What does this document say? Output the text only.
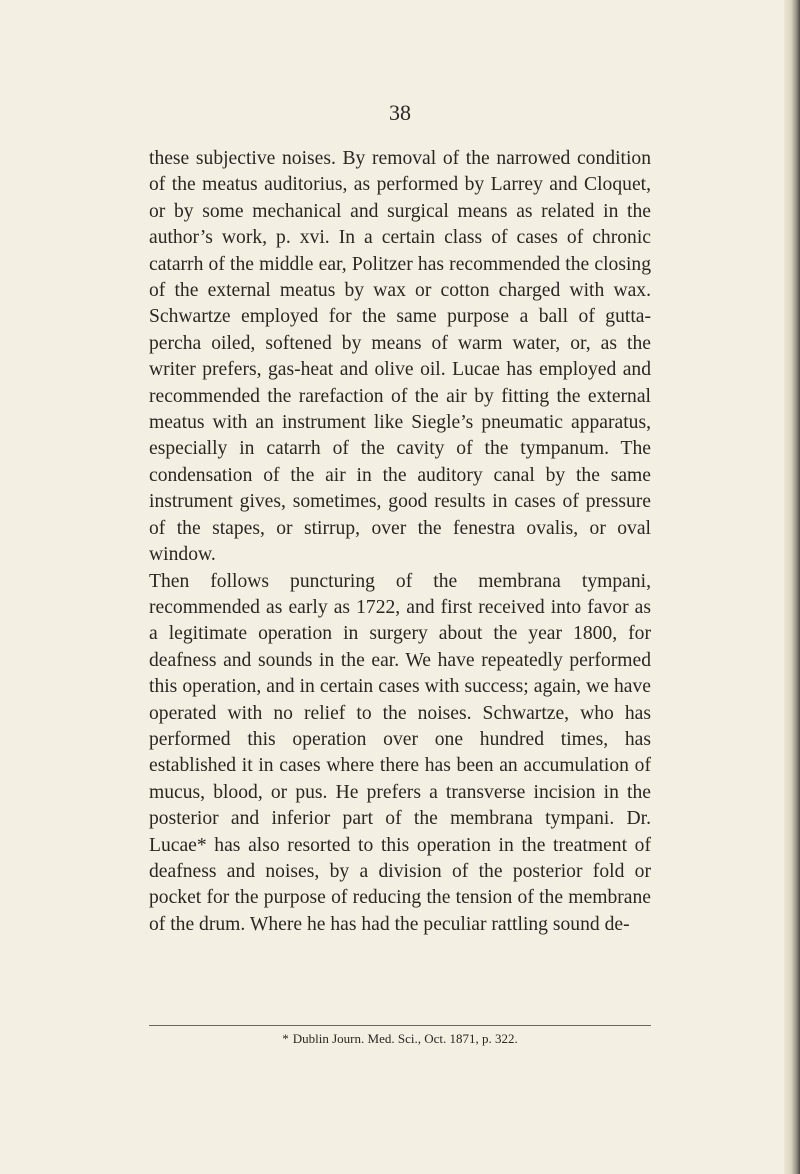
38

these subjective noises. By removal of the narrowed condition of the meatus auditorius, as performed by Larrey and Cloquet, or by some mechanical and surgical means as related in the author’s work, p. xvi. In a certain class of cases of chronic catarrh of the middle ear, Politzer has recommended the closing of the external meatus by wax or cotton charged with wax. Schwartze employed for the same purpose a ball of gutta-percha oiled, softened by means of warm water, or, as the writer prefers, gas-heat and olive oil. Lucae has employed and recommended the rarefaction of the air by fitting the external meatus with an instrument like Siegle’s pneumatic apparatus, especially in catarrh of the cavity of the tympanum. The condensation of the air in the auditory canal by the same instrument gives, sometimes, good results in cases of pressure of the stapes, or stirrup, over the fenestra ovalis, or oval window.

Then follows puncturing of the membrana tympani, recommended as early as 1722, and first received into favor as a legitimate operation in surgery about the year 1800, for deafness and sounds in the ear. We have repeatedly performed this operation, and in certain cases with success; again, we have operated with no relief to the noises. Schwartze, who has performed this operation over one hundred times, has established it in cases where there has been an accumulation of mucus, blood, or pus. He prefers a transverse incision in the posterior and inferior part of the membrana tympani. Dr. Lucae* has also resorted to this operation in the treatment of deafness and noises, by a division of the posterior fold or pocket for the purpose of reducing the tension of the membrane of the drum. Where he has had the peculiar rattling sound de-

* Dublin Journ. Med. Sci., Oct. 1871, p. 322.
